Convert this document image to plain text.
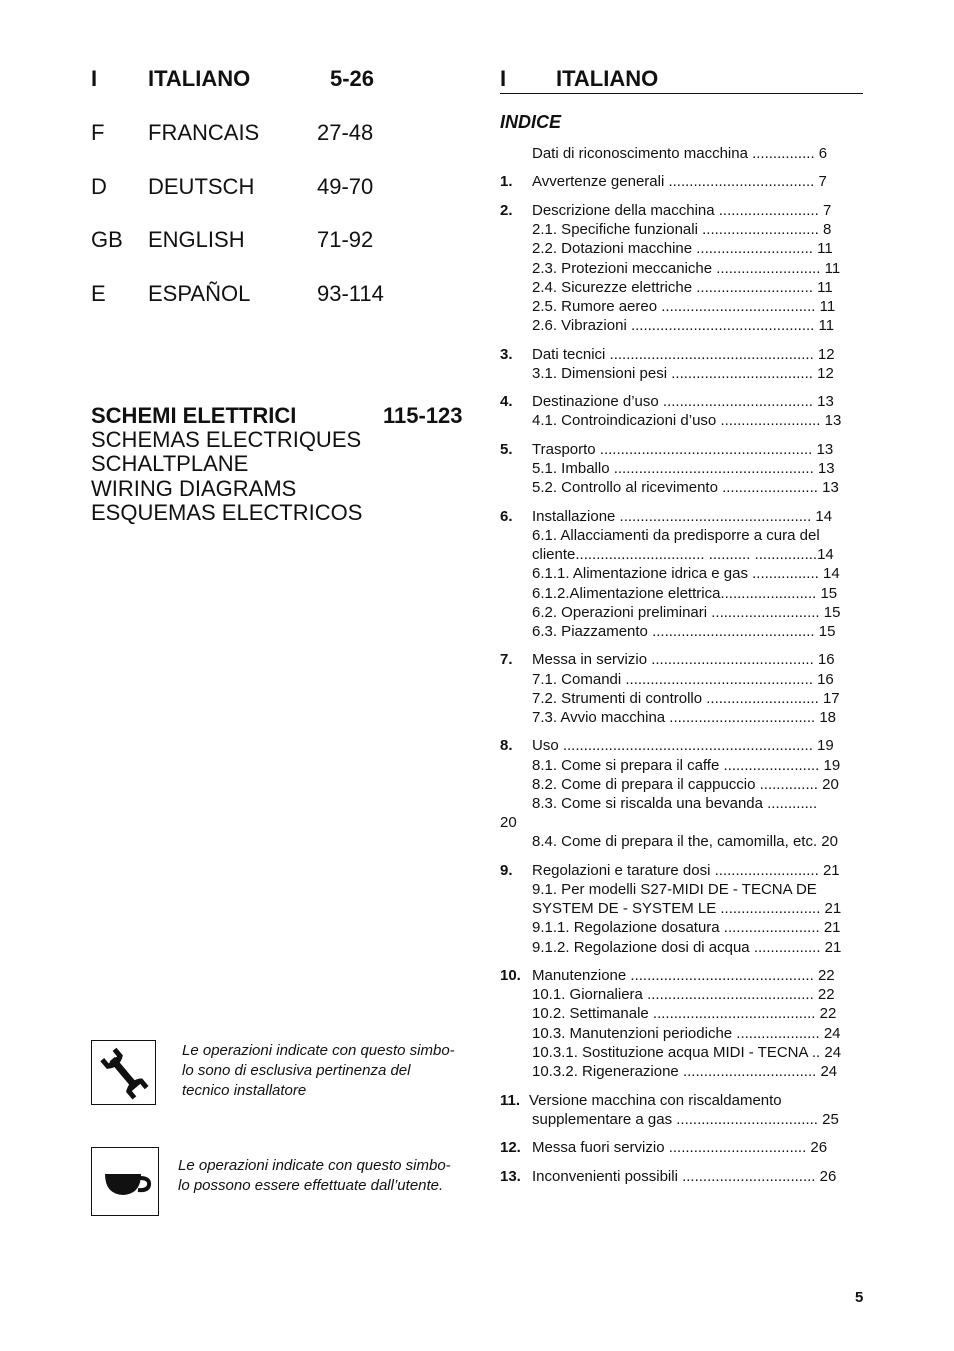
I ITALIANO	5-26
F FRANCAIS	27-48
D DEUTSCH	49-70
GB ENGLISH	71-92
E ESPAÑOL	93-114
SCHEMI ELETTRICI	115-123
SCHEMAS ELECTRIQUES
SCHALTPLANE
WIRING DIAGRAMS
ESQUEMAS ELECTRICOS
Le operazioni indicate con questo simbo-
lo sono di esclusiva pertinenza del
tecnico installatore
Le operazioni indicate con questo simbo-
lo possono essere effettuate dall’utente.
I ITALIANO
INDICE
Dati di riconoscimento macchina ............... 6
1. Avvertenze generali ................................... 7
2. Descrizione della macchina ........................ 7
2.1. Specifiche funzionali ............................ 8
2.2. Dotazioni macchine ............................ 11
2.3. Protezioni meccaniche ......................... 11
2.4. Sicurezze elettriche ............................ 11
2.5. Rumore aereo ..................................... 11
2.6. Vibrazioni ............................................ 11
3. Dati tecnici ................................................. 12
3.1. Dimensioni pesi .................................. 12
4. Destinazione d’uso .................................... 13
4.1. Controindicazioni d’uso ........................ 13
5. Trasporto ................................................... 13
5.1. Imballo ................................................ 13
5.2. Controllo al ricevimento ....................... 13
6. Installazione .............................................. 14
6.1. Allacciamenti da predisporre a cura del
cliente............................... .......... ...............14
6.1.1. Alimentazione idrica e gas ................ 14
6.1.2.Alimentazione elettrica....................... 15
6.2. Operazioni preliminari .......................... 15
6.3. Piazzamento ....................................... 15
7. Messa in servizio ....................................... 16
7.1. Comandi ............................................. 16
7.2. Strumenti di controllo ........................... 17
7.3. Avvio macchina ................................... 18
8. Uso ............................................................ 19
8.1. Come si prepara il caffe ....................... 19
8.2. Come di prepara il cappuccio .............. 20
8.3. Come si riscalda una bevanda ............
20
8.4. Come di prepara il the, camomilla, etc. 20
9. Regolazioni e tarature dosi ......................... 21
9.1. Per modelli S27-MIDI DE - TECNA DE
SYSTEM DE - SYSTEM LE ........................ 21
9.1.1. Regolazione dosatura ....................... 21
9.1.2. Regolazione dosi di acqua ................ 21
10. Manutenzione ............................................ 22
10.1. Giornaliera ........................................ 22
10.2. Settimanale ....................................... 22
10.3. Manutenzioni periodiche .................... 24
10.3.1. Sostituzione acqua MIDI - TECNA .. 24
10.3.2. Rigenerazione ................................ 24
11. Versione macchina con riscaldamento
supplementare a gas .................................. 25
12. Messa fuori servizio ................................. 26
13. Inconvenienti possibili ................................ 26
5
